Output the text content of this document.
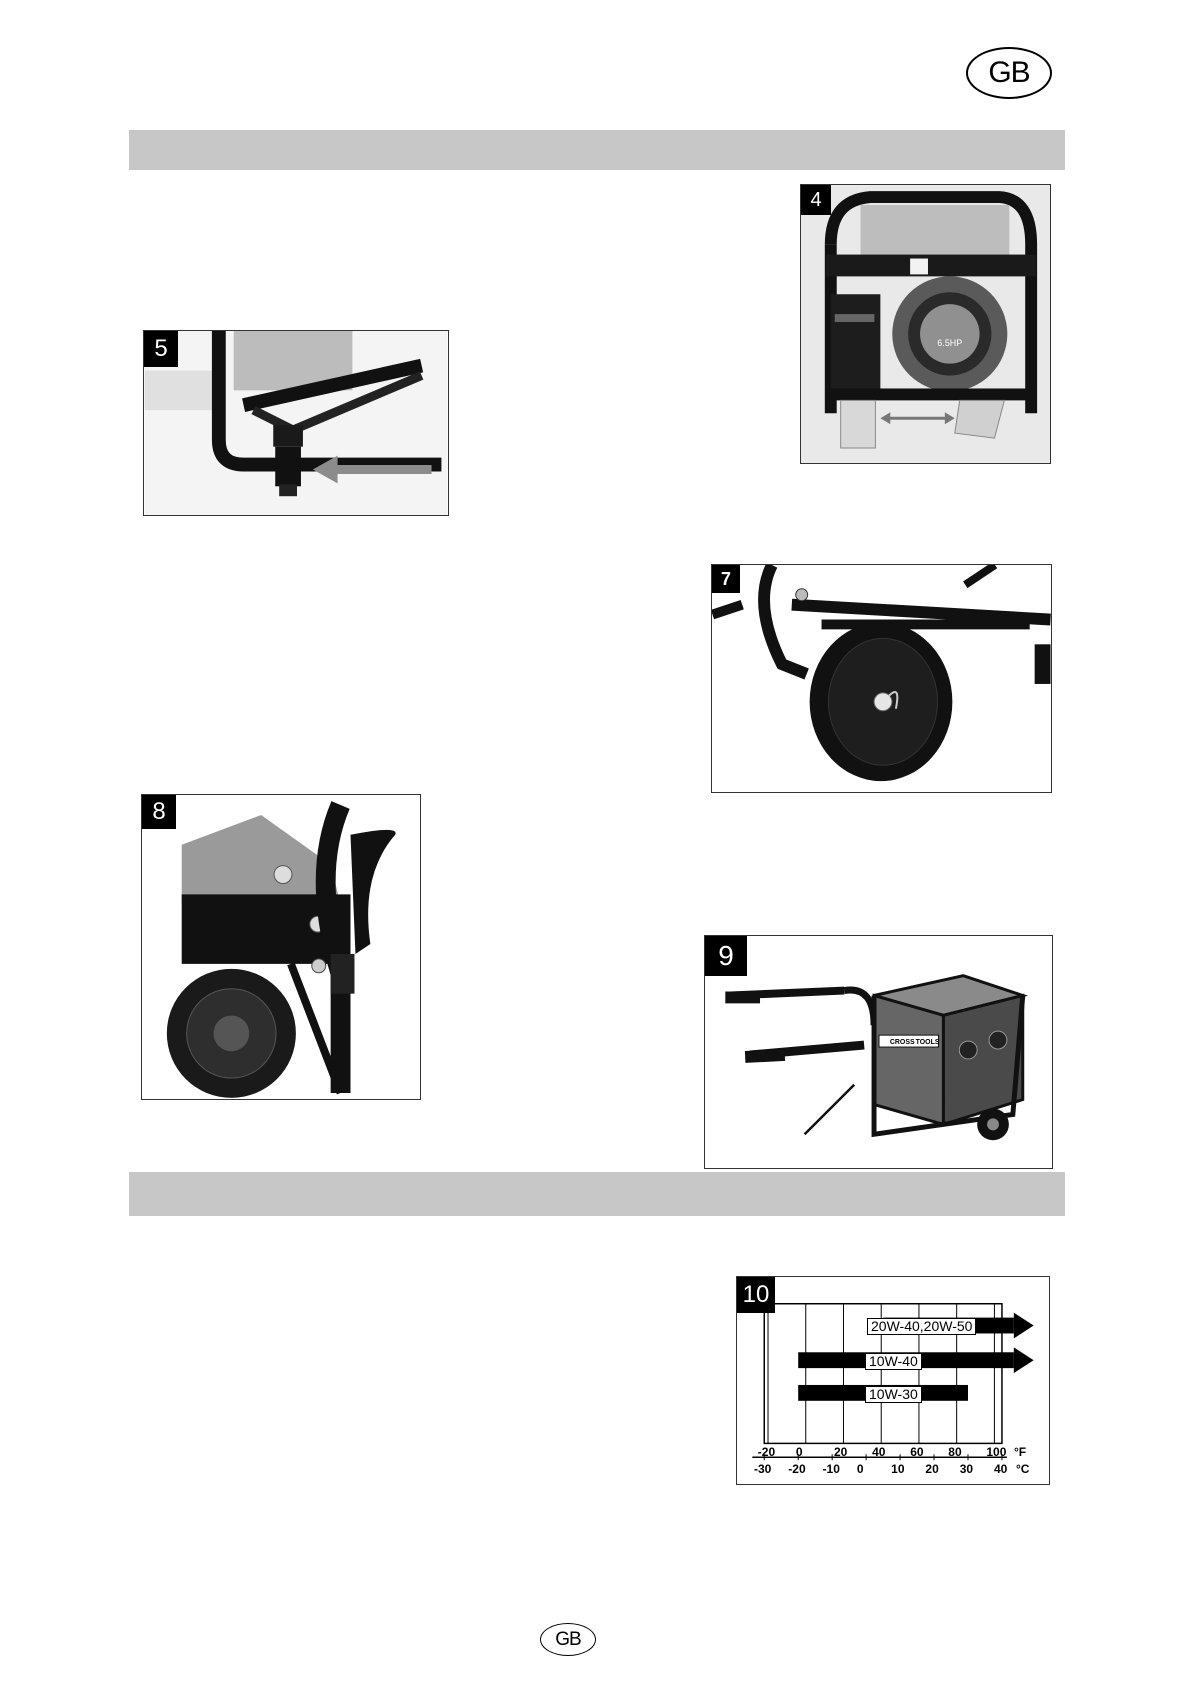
GB
GB
4
6.5HP
5
7
8
9
CROSS TOOLS
10
20W-40,20W-50
10W-40
10W-30
-20 0	20 40 60 80 100 °F
-30 -20 -10 0 10 20 30 40 °C
